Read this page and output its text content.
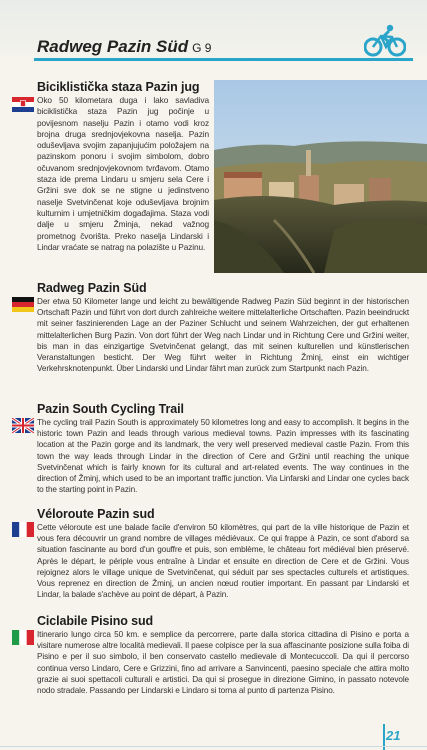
Radweg Pazin Süd G 9
Biciklistička staza Pazin jug
Oko 50 kilometara duga i lako savladiva biciklistička staza Pazin jug počinje u povijesnom naselju Pazin i otamo vodi kroz brojna druga srednjovjekovna naselja. Pazin oduševljava svojim zapanjujućim položajem na pazinskom ponoru i svojim simbolom, dobro očuvanom srednjovjekovnom tvrđavom. Otamo staza ide prema Lindaru u smjeru sela Cere i Gržini sve dok se ne stigne u jedinstveno naselje Svetvinčenat koje oduševljava brojnim kulturnim i umjetničkim događajima. Staza vodi dalje u smjeru Žminja, nekad važnog prometnog čvorišta. Preko naselja Lindarski i Lindar vraćate se natrag na polazište u Pazinu.
Radweg Pazin Süd
Der etwa 50 Kilometer lange und leicht zu bewältigende Radweg Pazin Süd beginnt in der historischen Ortschaft Pazin und führt von dort durch zahlreiche weitere mittelalterliche Ortschaften. Pazin beeindruckt mit seiner faszinierenden Lage an der Paziner Schlucht und seinem Wahrzeichen, der gut erhaltenen mittelalterlichen Burg Pazin. Von dort führt der Weg nach Lindar und in Richtung Cere und Gržini weiter, bis man in das einzigartige Svetvinčenat gelangt, das mit seinen kulturellen und künstlerischen Veranstaltungen besticht. Der Weg führt weiter in Richtung Žminj, einst ein wichtiger Verkehrsknotenpunkt. Über Lindarski und Lindar fährt man zurück zum Startpunkt nach Pazin.
Pazin South Cycling Trail
The cycling trail Pazin South is approximately 50 kilometres long and easy to accomplish. It begins in the historic town Pazin and leads through various medieval towns. Pazin impresses with its fascinating location at the Pazin gorge and its landmark, the very well preserved medieval castle Pazin. From this town the way leads through Lindar in the direction of Cere and Gržini until reaching the unique Svetvinčenat which is fairly known for its cultural and art-related events. The way continues in the direction of Žminj, which used to be an important traffic junction. Via Linfarski and Lindar one cycles back to the starting point in Pazin.
Véloroute Pazin sud
Cette véloroute est une balade facile d'environ 50 kilomètres, qui part de la ville historique de Pazin et vous fera découvrir un grand nombre de villages médiévaux. Ce qui frappe à Pazin, ce sont d'abord sa situation fascinante au bord d'un gouffre et puis, son emblème, le château fort médiéval bien préservé. Après le départ, le périple vous entraîne à Lindar et ensuite en direction de Cere et de Gržini. Vous rejoignez alors le village unique de Svetvinčenat, qui séduit par ses spectacles culturels et artistiques. Vous reprenez en direction de Žminj, un ancien nœud routier important. En passant par Lindarski et Lindar, la balade s'achève au point de départ, à Pazin.
Ciclabile Pisino sud
Itinerario lungo circa 50 km. e semplice da percorrere, parte dalla storica cittadina di Pisino e porta a visitare numerose altre località medievali. Il paese colpisce per la sua affascinante posizione sulla foiba di Pisino e per il suo simbolo, il ben conservato castello medievale di Montecuccoli. Da qui il percorso continua verso Lindaro, Cere e Grizzini, fino ad arrivare a Sanvincenti, paesino speciale che attira molto grazie ai suoi spettacoli culturali e artistici. Da qui si prosegue in direzione Gimino, in passato notevole nodo stradale. Passando per Lindarski e Lindaro si torna al punto di partenza Pisino.
21
